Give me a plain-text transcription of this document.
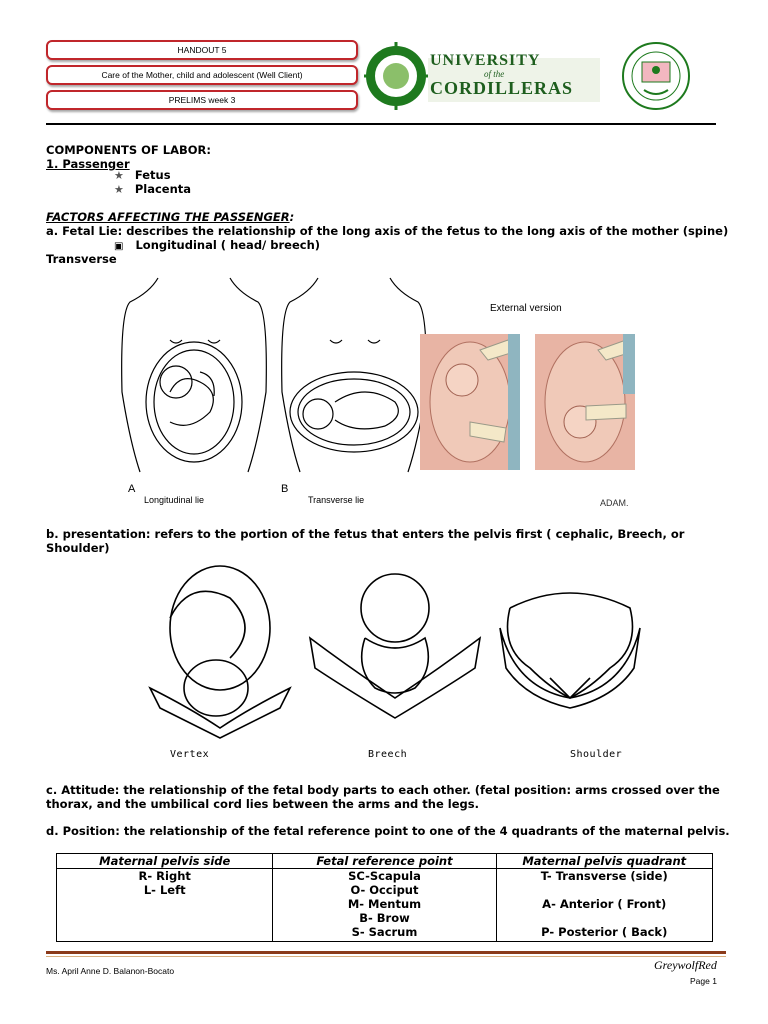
HANDOUT 5
Care of the Mother, child and adolescent (Well Client)
PRELIMS week 3
UNIVERSITY
of the
CORDILLERAS
COMPONENTS OF LABOR:
1. Passenger
★ Fetus
★ Placenta
FACTORS AFFECTING THE PASSENGER:
a. Fetal Lie: describes the relationship of the long axis of the fetus to the long axis of the mother (spine)
▣ Longitudinal ( head/ breech)
Transverse
A	B
Longitudinal lie	Transverse lie
External version
ADAM.
b. presentation: refers to the portion of the fetus that enters the pelvis first ( cephalic, Breech, or
Shoulder)
Vertex	Breech	Shoulder
c. Attitude: the relationship of the fetal body parts to each other. (fetal position: arms crossed over the
thorax, and the umbilical cord lies between the arms and the legs.
d. Position: the relationship of the fetal reference point to one of the 4 quadrants of the maternal pelvis.
Maternal pelvis side	Fetal reference point	Maternal pelvis quadrant
R- Right	SC-Scapula	T- Transverse (side)
L- Left	O- Occiput	
	M- Mentum	A- Anterior ( Front)
	B- Brow	
	S- Sacrum	P- Posterior ( Back)
Ms. April Anne D. Balanon-Bocato	GreywolfRed
Page 1
